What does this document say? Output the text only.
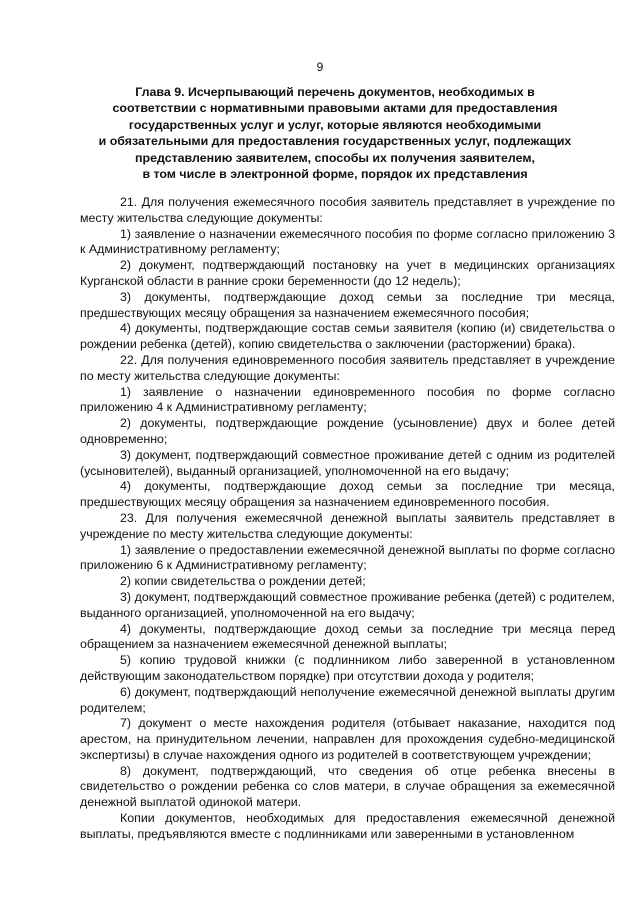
9
Глава 9. Исчерпывающий перечень документов, необходимых в
соответствии с нормативными правовыми актами для предоставления
государственных услуг и услуг, которые являются необходимыми
и обязательными для предоставления государственных услуг, подлежащих
представлению заявителем, способы их получения заявителем,
в том числе в электронной форме, порядок их представления

21. Для получения ежемесячного пособия заявитель представляет в учреждение по месту жительства следующие документы:

1) заявление о назначении ежемесячного пособия по форме согласно приложению 3 к Административному регламенту;

2) документ, подтверждающий постановку на учет в медицинских организациях Курганской области в ранние сроки беременности (до 12 недель);

3) документы, подтверждающие доход семьи за последние три месяца, предшествующих месяцу обращения за назначением ежемесячного пособия;

4) документы, подтверждающие состав семьи заявителя (копию (и) свидетельства о рождении ребенка (детей), копию свидетельства о заключении (расторжении) брака).

22. Для получения единовременного пособия заявитель представляет в учреждение по месту жительства следующие документы:

1) заявление о назначении единовременного пособия по форме согласно приложению 4 к Административному регламенту;

2) документы, подтверждающие рождение (усыновление) двух и более детей одновременно;

3) документ, подтверждающий совместное проживание детей с одним из родителей (усыновителей), выданный организацией, уполномоченной на его выдачу;

4) документы, подтверждающие доход семьи за последние три месяца, предшествующих месяцу обращения за назначением единовременного пособия.

23. Для получения ежемесячной денежной выплаты заявитель представляет в учреждение по месту жительства следующие документы:

1) заявление о предоставлении ежемесячной денежной выплаты по форме согласно приложению 6 к Административному регламенту;

2) копии свидетельства о рождении детей;

3) документ, подтверждающий совместное проживание ребенка (детей) с родителем, выданного организацией, уполномоченной на его выдачу;

4) документы, подтверждающие доход семьи за последние три месяца перед обращением за назначением ежемесячной денежной выплаты;

5) копию трудовой книжки (с подлинником либо заверенной в установленном действующим законодательством порядке) при отсутствии дохода у родителя;

6) документ, подтверждающий неполучение ежемесячной денежной выплаты другим родителем;

7) документ о месте нахождения родителя (отбывает наказание, находится под арестом, на принудительном лечении, направлен для прохождения судебно-медицинской экспертизы) в случае нахождения одного из родителей в соответствующем учреждении;

8) документ, подтверждающий, что сведения об отце ребенка внесены в свидетельство о рождении ребенка со слов матери, в случае обращения за ежемесячной денежной выплатой одинокой матери.

Копии документов, необходимых для предоставления ежемесячной денежной выплаты, предъявляются вместе с подлинниками или заверенными в установленном
